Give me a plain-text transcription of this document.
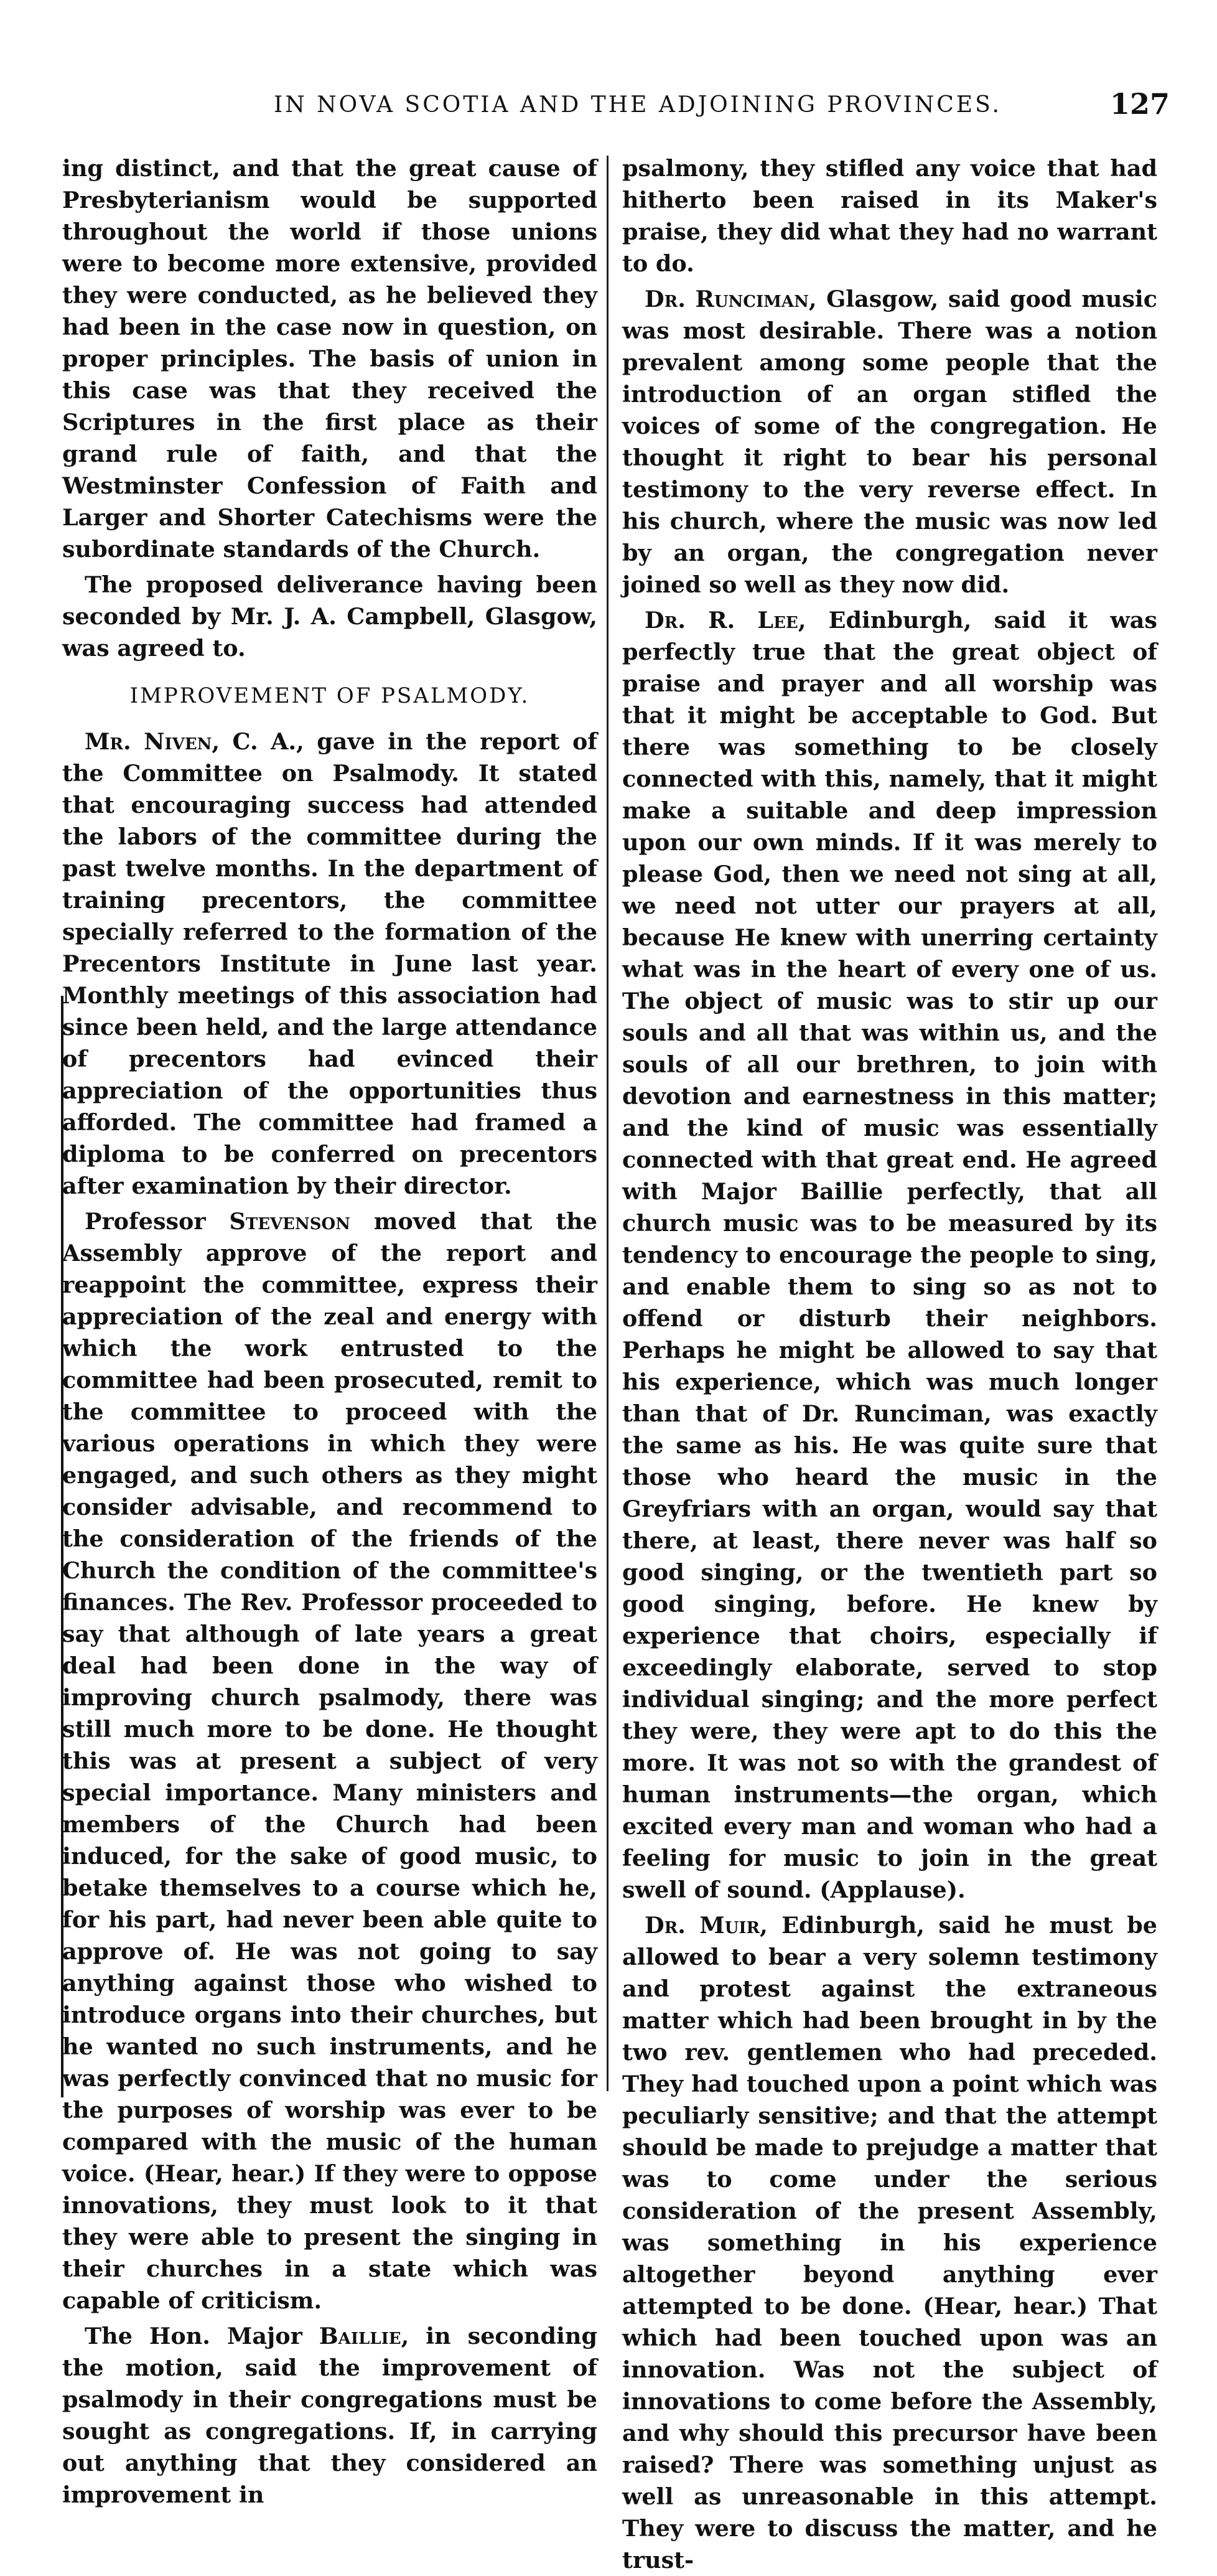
IN NOVA SCOTIA AND THE ADJOINING PROVINCES.	127

ing distinct, and that the great cause of Presbyterianism would be supported throughout the world if those unions were to become more extensive, provided they were conducted, as he believed they had been in the case now in question, on proper principles. The basis of union in this case was that they received the Scriptures in the first place as their grand rule of faith, and that the Westminster Confession of Faith and Larger and Shorter Catechisms were the subordinate standards of the Church.

The proposed deliverance having been seconded by Mr. J. A. Campbell, Glasgow, was agreed to.

IMPROVEMENT OF PSALMODY.

Mr. Niven, C. A., gave in the report of the Committee on Psalmody. It stated that encouraging success had attended the labors of the committee during the past twelve months. In the department of training precentors, the committee specially referred to the formation of the Precentors Institute in June last year. Monthly meetings of this association had since been held, and the large attendance of precentors had evinced their appreciation of the opportunities thus afforded. The committee had framed a diploma to be conferred on precentors after examination by their director.

Professor Stevenson moved that the Assembly approve of the report and reappoint the committee, express their appreciation of the zeal and energy with which the work entrusted to the committee had been prosecuted, remit to the committee to proceed with the various operations in which they were engaged, and such others as they might consider advisable, and recommend to the consideration of the friends of the Church the condition of the committee's finances. The Rev. Professor proceeded to say that although of late years a great deal had been done in the way of improving church psalmody, there was still much more to be done. He thought this was at present a subject of very special importance. Many ministers and members of the Church had been induced, for the sake of good music, to betake themselves to a course which he, for his part, had never been able quite to approve of. He was not going to say anything against those who wished to introduce organs into their churches, but he wanted no such instruments, and he was perfectly convinced that no music for the purposes of worship was ever to be compared with the music of the human voice. (Hear, hear.) If they were to oppose innovations, they must look to it that they were able to present the singing in their churches in a state which was capable of criticism.

The Hon. Major Baillie, in seconding the motion, said the improvement of psalmody in their congregations must be sought as congregations. If, in carrying out anything that they considered an improvement in

psalmony, they stifled any voice that had hitherto been raised in its Maker's praise, they did what they had no warrant to do.

Dr. Runciman, Glasgow, said good music was most desirable. There was a notion prevalent among some people that the introduction of an organ stifled the voices of some of the congregation. He thought it right to bear his personal testimony to the very reverse effect. In his church, where the music was now led by an organ, the congregation never joined so well as they now did.

Dr. R. Lee, Edinburgh, said it was perfectly true that the great object of praise and prayer and all worship was that it might be acceptable to God. But there was something to be closely connected with this, namely, that it might make a suitable and deep impression upon our own minds. If it was merely to please God, then we need not sing at all, we need not utter our prayers at all, because He knew with unerring certainty what was in the heart of every one of us. The object of music was to stir up our souls and all that was within us, and the souls of all our brethren, to join with devotion and earnestness in this matter; and the kind of music was essentially connected with that great end. He agreed with Major Baillie perfectly, that all church music was to be measured by its tendency to encourage the people to sing, and enable them to sing so as not to offend or disturb their neighbors. Perhaps he might be allowed to say that his experience, which was much longer than that of Dr. Runciman, was exactly the same as his. He was quite sure that those who heard the music in the Greyfriars with an organ, would say that there, at least, there never was half so good singing, or the twentieth part so good singing, before. He knew by experience that choirs, especially if exceedingly elaborate, served to stop individual singing; and the more perfect they were, they were apt to do this the more. It was not so with the grandest of human instruments—the organ, which excited every man and woman who had a feeling for music to join in the great swell of sound. (Applause).

Dr. Muir, Edinburgh, said he must be allowed to bear a very solemn testimony and protest against the extraneous matter which had been brought in by the two rev. gentlemen who had preceded. They had touched upon a point which was peculiarly sensitive; and that the attempt should be made to prejudge a matter that was to come under the serious consideration of the present Assembly, was something in his experience altogether beyond anything ever attempted to be done. (Hear, hear.) That which had been touched upon was an innovation. Was not the subject of innovations to come before the Assembly, and why should this precursor have been raised? There was something unjust as well as unreasonable in this attempt. They were to discuss the matter, and he trust-
